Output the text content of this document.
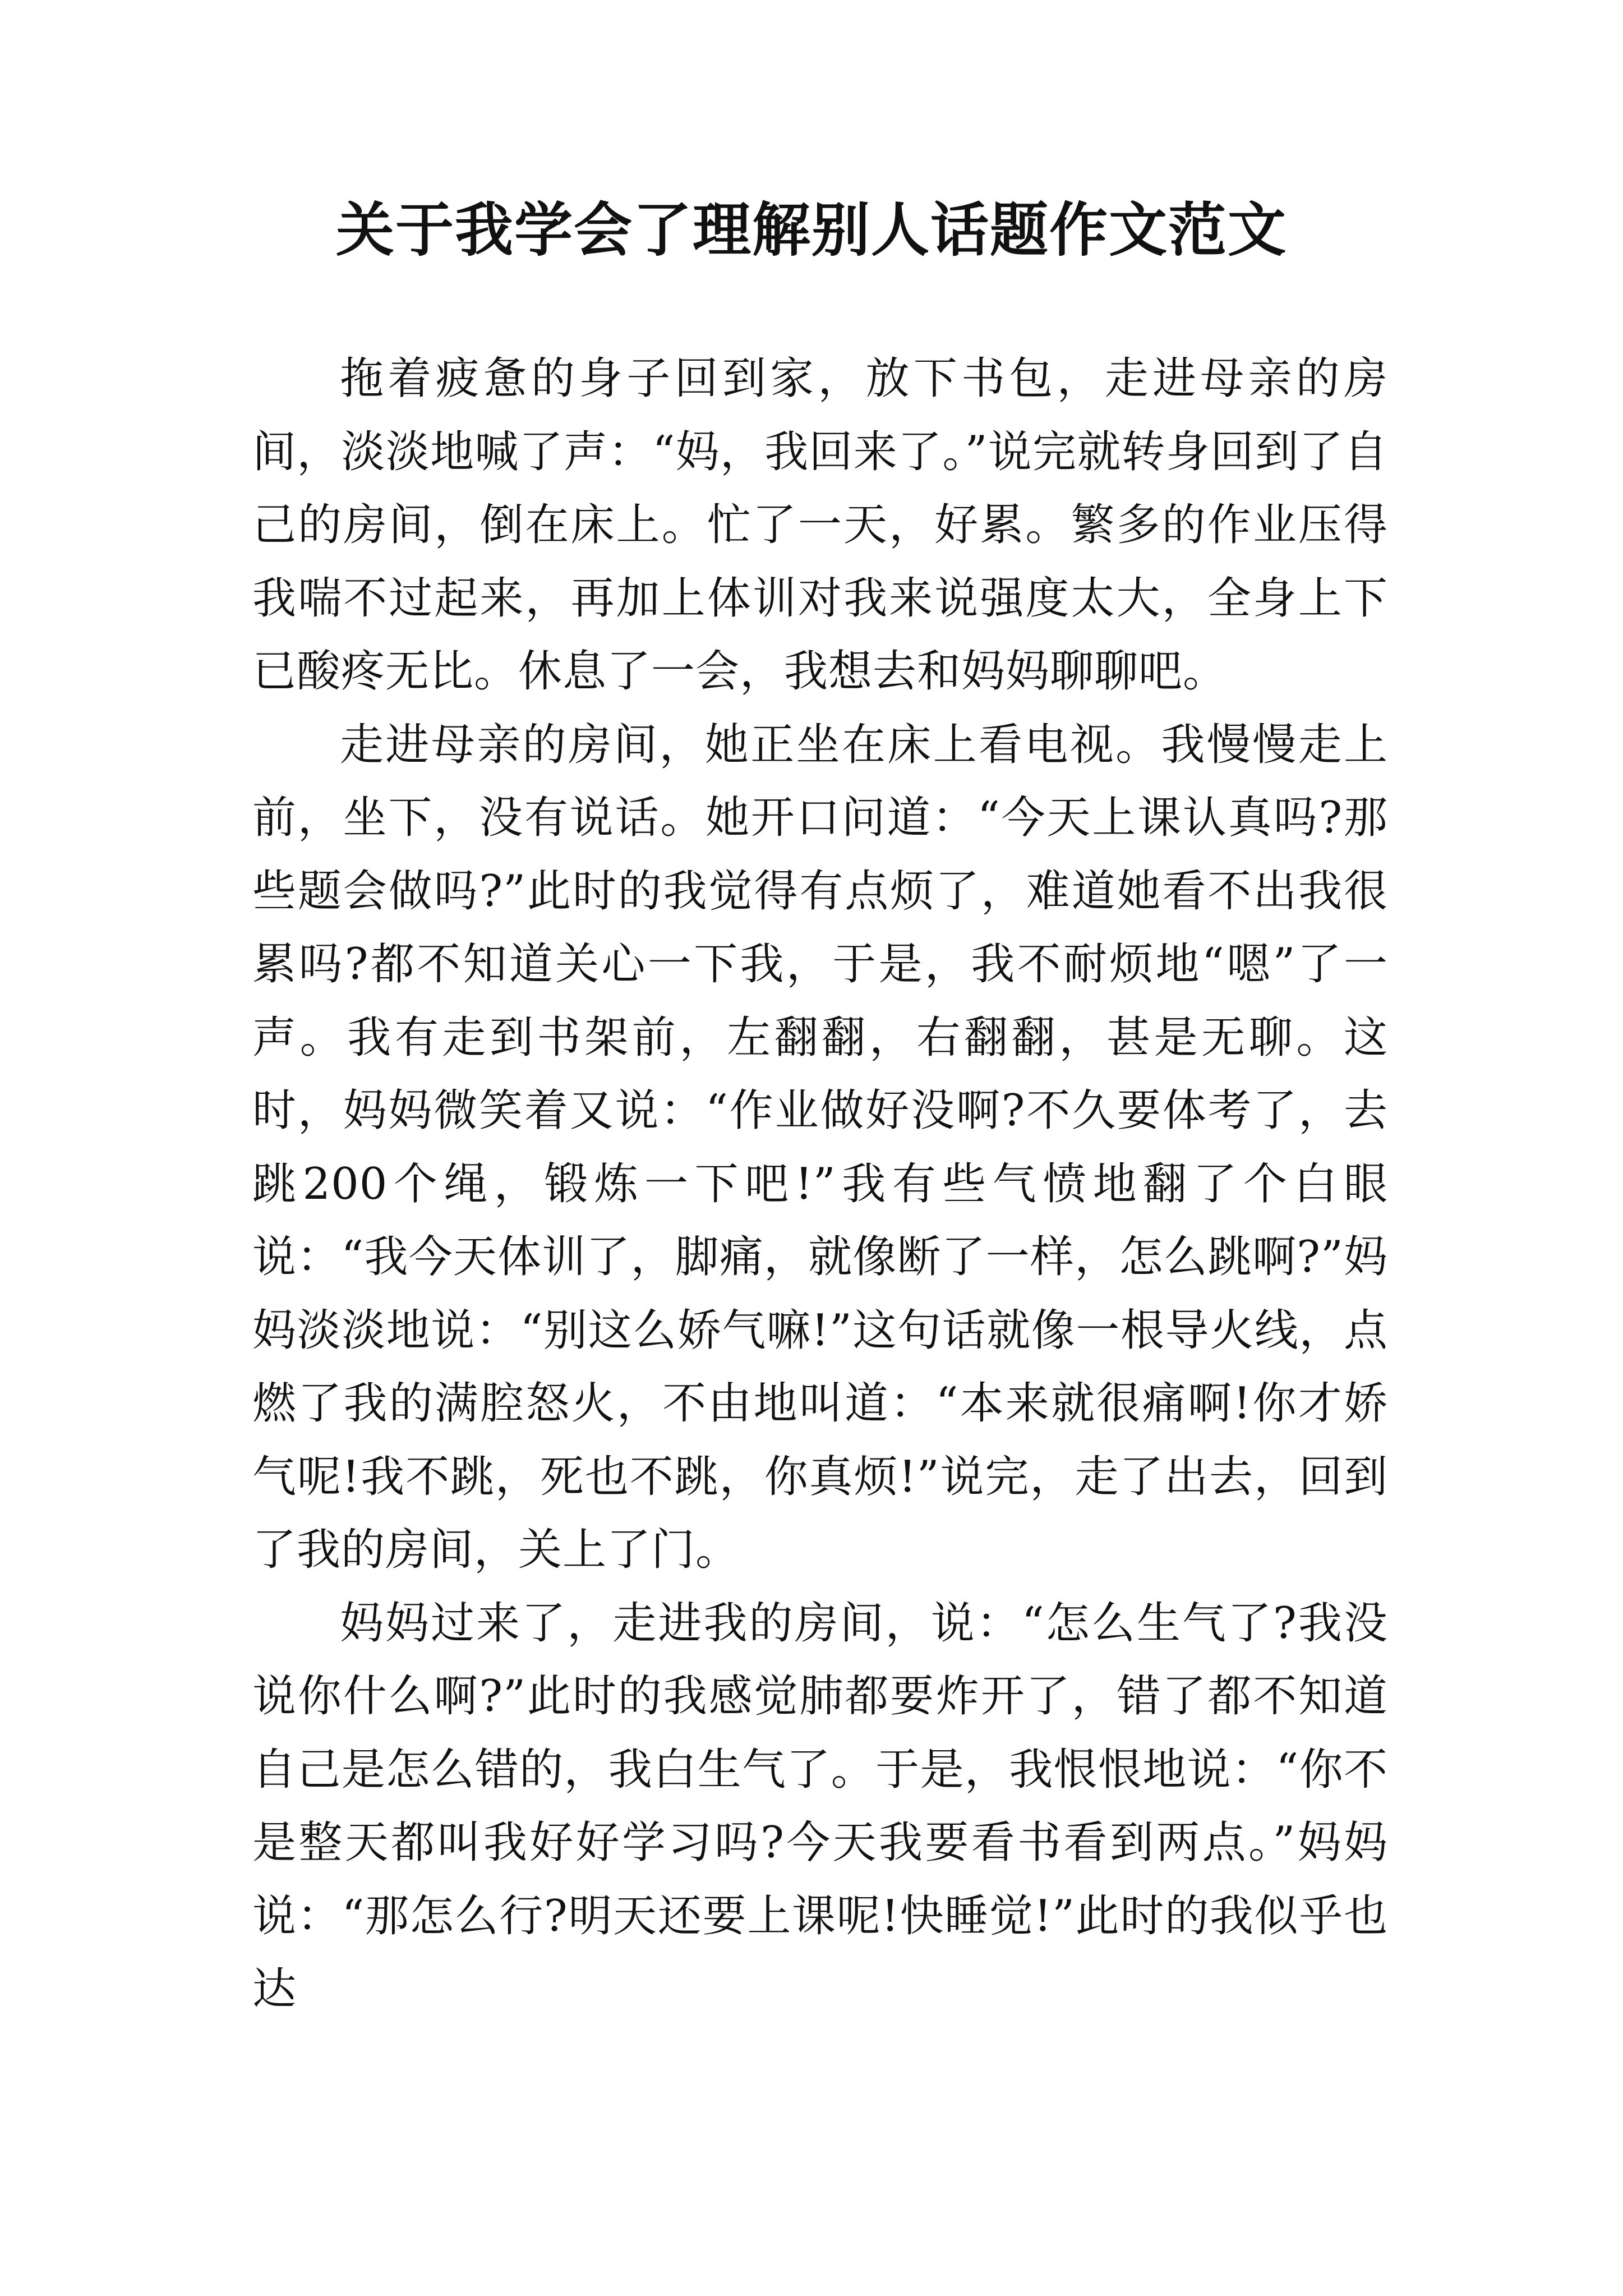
关于我学会了理解别人话题作文范文

拖着疲惫的身子回到家，放下书包，走进母亲的房间，淡淡地喊了声：“妈，我回来了。”说完就转身回到了自己的房间，倒在床上。忙了一天，好累。繁多的作业压得我喘不过起来，再加上体训对我来说强度太大，全身上下已酸疼无比。休息了一会，我想去和妈妈聊聊吧。

走进母亲的房间，她正坐在床上看电视。我慢慢走上前，坐下，没有说话。她开口问道：“今天上课认真吗?那些题会做吗?”此时的我觉得有点烦了，难道她看不出我很累吗?都不知道关心一下我，于是，我不耐烦地“嗯”了一声。我有走到书架前，左翻翻，右翻翻，甚是无聊。这时，妈妈微笑着又说：“作业做好没啊?不久要体考了，去跳200个绳，锻炼一下吧!”我有些气愤地翻了个白眼说：“我今天体训了，脚痛，就像断了一样，怎么跳啊?”妈妈淡淡地说：“别这么娇气嘛!”这句话就像一根导火线，点燃了我的满腔怒火，不由地叫道：“本来就很痛啊!你才娇气呢!我不跳，死也不跳，你真烦!”说完，走了出去，回到了我的房间，关上了门。

妈妈过来了，走进我的房间，说：“怎么生气了?我没说你什么啊?”此时的我感觉肺都要炸开了，错了都不知道自己是怎么错的，我白生气了。于是，我恨恨地说：“你不是整天都叫我好好学习吗?今天我要看书看到两点。”妈妈说：“那怎么行?明天还要上课呢!快睡觉!”此时的我似乎也达
